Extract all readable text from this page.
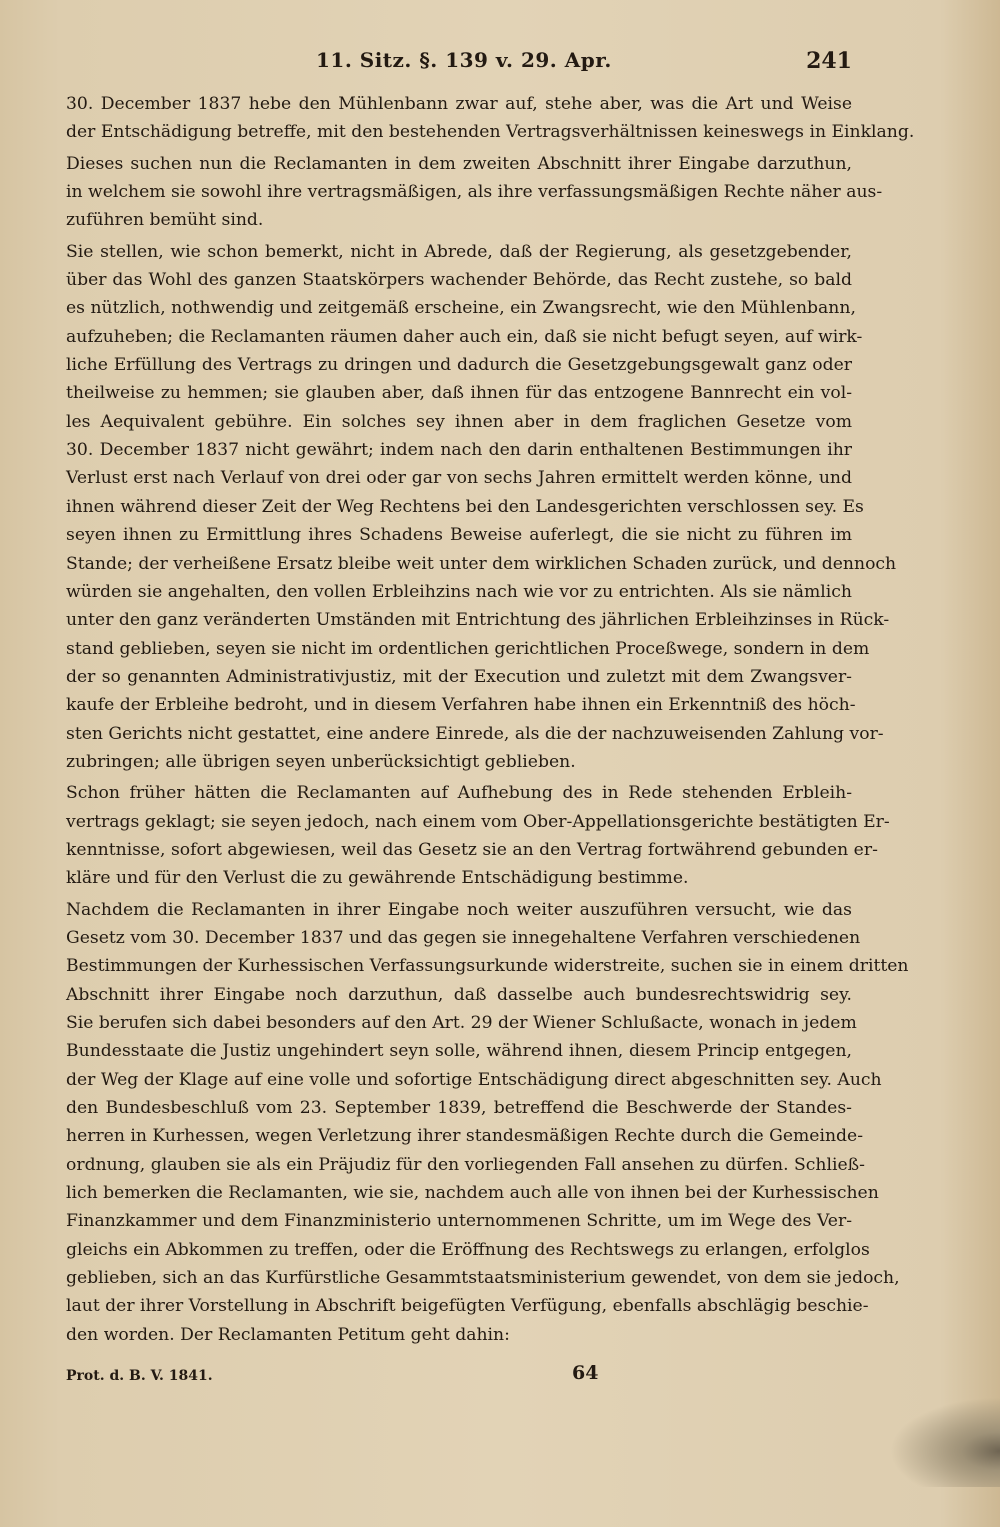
11. Sitz. §. 139 v. 29. Apr.	241

30. December 1837 hebe den Mühlenbann zwar auf, stehe aber, was die Art und Weise
der Entschädigung betreffe, mit den bestehenden Vertragsverhältnissen keineswegs in Einklang.

Dieses suchen nun die Reclamanten in dem zweiten Abschnitt ihrer Eingabe darzuthun,
in welchem sie sowohl ihre vertragsmäßigen, als ihre verfassungsmäßigen Rechte näher aus-
zuführen bemüht sind.

Sie stellen, wie schon bemerkt, nicht in Abrede, daß der Regierung, als gesetzgebender,
über das Wohl des ganzen Staatskörpers wachender Behörde, das Recht zustehe, so bald
es nützlich, nothwendig und zeitgemäß erscheine, ein Zwangsrecht, wie den Mühlenbann,
aufzuheben; die Reclamanten räumen daher auch ein, daß sie nicht befugt seyen, auf wirk-
liche Erfüllung des Vertrags zu dringen und dadurch die Gesetzgebungsgewalt ganz oder
theilweise zu hemmen; sie glauben aber, daß ihnen für das entzogene Bannrecht ein vol-
les Aequivalent gebühre. Ein solches sey ihnen aber in dem fraglichen Gesetze vom
30. December 1837 nicht gewährt; indem nach den darin enthaltenen Bestimmungen ihr
Verlust erst nach Verlauf von drei oder gar von sechs Jahren ermittelt werden könne, und
ihnen während dieser Zeit der Weg Rechtens bei den Landesgerichten verschlossen sey. Es
seyen ihnen zu Ermittlung ihres Schadens Beweise auferlegt, die sie nicht zu führen im
Stande; der verheißene Ersatz bleibe weit unter dem wirklichen Schaden zurück, und dennoch
würden sie angehalten, den vollen Erbleihzins nach wie vor zu entrichten. Als sie nämlich
unter den ganz veränderten Umständen mit Entrichtung des jährlichen Erbleihzinses in Rück-
stand geblieben, seyen sie nicht im ordentlichen gerichtlichen Proceßwege, sondern in dem
der so genannten Administrativjustiz, mit der Execution und zuletzt mit dem Zwangsver-
kaufe der Erbleihe bedroht, und in diesem Verfahren habe ihnen ein Erkenntniß des höch-
sten Gerichts nicht gestattet, eine andere Einrede, als die der nachzuweisenden Zahlung vor-
zubringen; alle übrigen seyen unberücksichtigt geblieben.

Schon früher hätten die Reclamanten auf Aufhebung des in Rede stehenden Erbleih-
vertrags geklagt; sie seyen jedoch, nach einem vom Ober-Appellationsgerichte bestätigten Er-
kenntnisse, sofort abgewiesen, weil das Gesetz sie an den Vertrag fortwährend gebunden er-
kläre und für den Verlust die zu gewährende Entschädigung bestimme.

Nachdem die Reclamanten in ihrer Eingabe noch weiter auszuführen versucht, wie das
Gesetz vom 30. December 1837 und das gegen sie innegehaltene Verfahren verschiedenen
Bestimmungen der Kurhessischen Verfassungsurkunde widerstreite, suchen sie in einem dritten
Abschnitt ihrer Eingabe noch darzuthun, daß dasselbe auch bundesrechtswidrig sey.
Sie berufen sich dabei besonders auf den Art. 29 der Wiener Schlußacte, wonach in jedem
Bundesstaate die Justiz ungehindert seyn solle, während ihnen, diesem Princip entgegen,
der Weg der Klage auf eine volle und sofortige Entschädigung direct abgeschnitten sey. Auch
den Bundesbeschluß vom 23. September 1839, betreffend die Beschwerde der Standes-
herren in Kurhessen, wegen Verletzung ihrer standesmäßigen Rechte durch die Gemeinde-
ordnung, glauben sie als ein Präjudiz für den vorliegenden Fall ansehen zu dürfen. Schließ-
lich bemerken die Reclamanten, wie sie, nachdem auch alle von ihnen bei der Kurhessischen
Finanzkammer und dem Finanzministerio unternommenen Schritte, um im Wege des Ver-
gleichs ein Abkommen zu treffen, oder die Eröffnung des Rechtswegs zu erlangen, erfolglos
geblieben, sich an das Kurfürstliche Gesammtstaatsministerium gewendet, von dem sie jedoch,
laut der ihrer Vorstellung in Abschrift beigefügten Verfügung, ebenfalls abschlägig beschie-
den worden. Der Reclamanten Petitum geht dahin:

Prot. d. B. V. 1841.	64
